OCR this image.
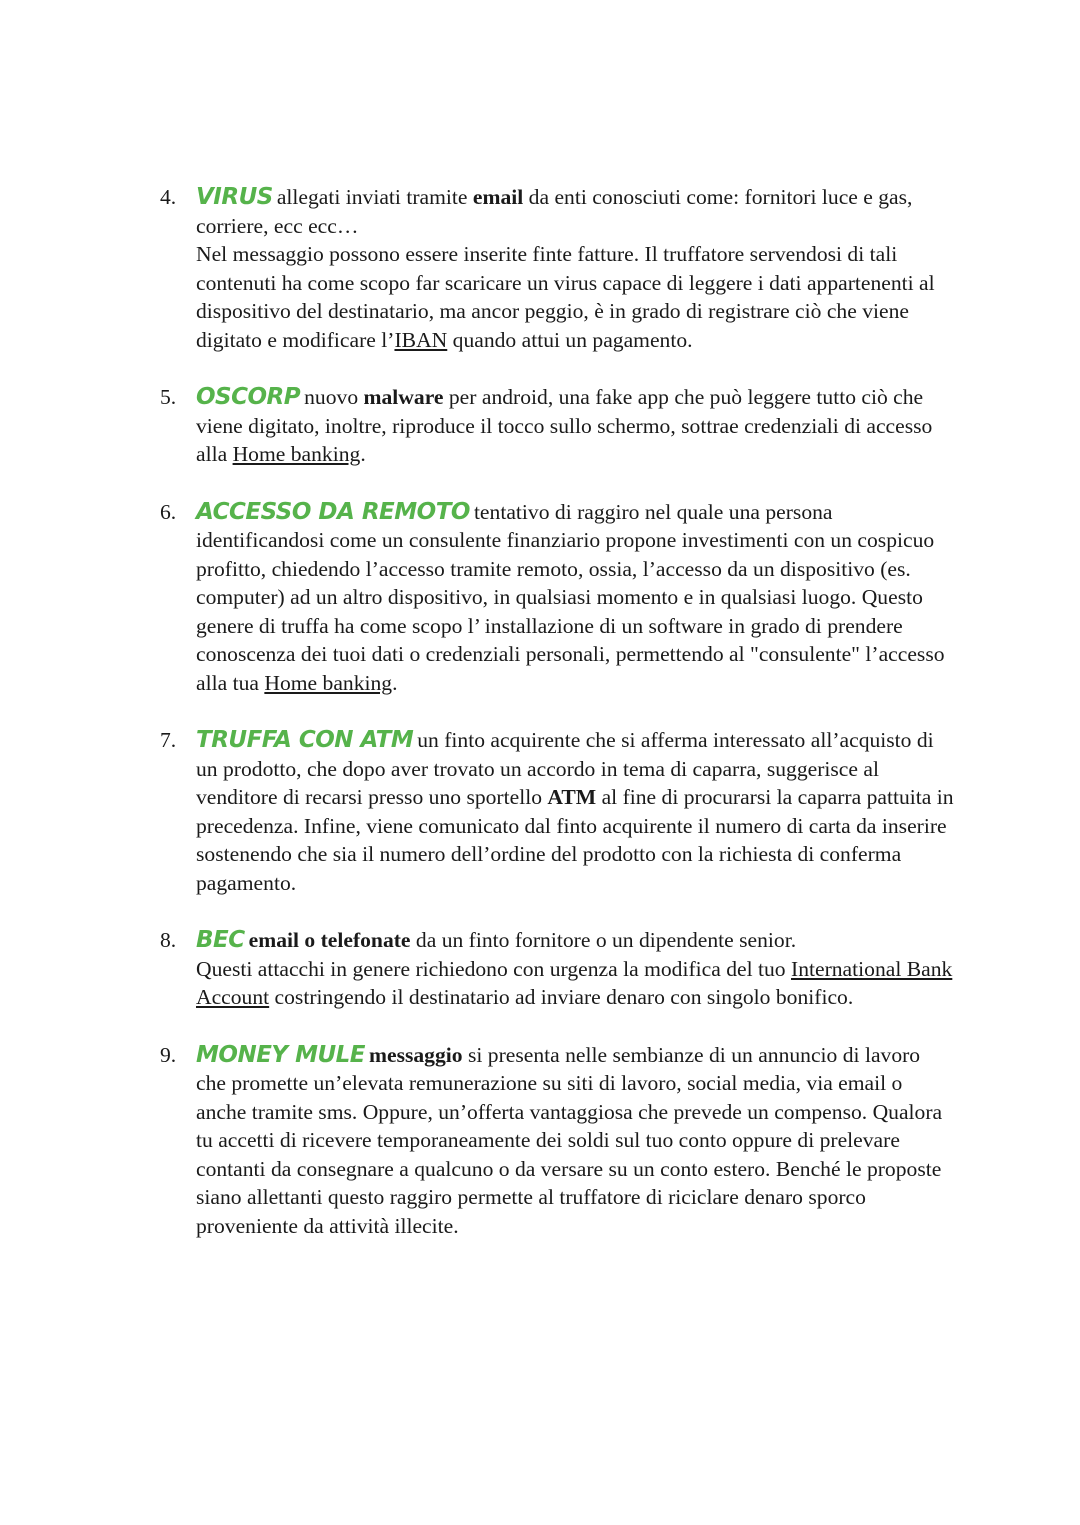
4. VIRUS allegati inviati tramite email da enti conosciuti come: fornitori luce e gas, corriere, ecc ecc…

Nel messaggio possono essere inserite finte fatture. Il truffatore servendosi di tali contenuti ha come scopo far scaricare un virus capace di leggere i dati appartenenti al dispositivo del destinatario, ma ancor peggio, è in grado di registrare ciò che viene digitato e modificare l’IBAN quando attui un pagamento.

5. OSCORP nuovo malware per android, una fake app che può leggere tutto ciò che viene digitato, inoltre, riproduce il tocco sullo schermo, sottrae credenziali di accesso alla Home banking.

6. ACCESSO DA REMOTO tentativo di raggiro nel quale una persona identificandosi come un consulente finanziario propone investimenti con un cospicuo profitto, chiedendo l’accesso tramite remoto, ossia, l’accesso da un dispositivo (es. computer) ad un altro dispositivo, in qualsiasi momento e in qualsiasi luogo. Questo genere di truffa ha come scopo l’ installazione di un software in grado di prendere conoscenza dei tuoi dati o credenziali personali, permettendo al "consulente" l’accesso alla tua Home banking.

7. TRUFFA CON ATM un finto acquirente che si afferma interessato all’acquisto di un prodotto, che dopo aver trovato un accordo in tema di caparra, suggerisce al venditore di recarsi presso uno sportello ATM al fine di procurarsi la caparra pattuita in precedenza. Infine, viene comunicato dal finto acquirente il numero di carta da inserire sostenendo che sia il numero dell’ordine del prodotto con la richiesta di conferma pagamento.

8. BEC email o telefonate da un finto fornitore o un dipendente senior.

Questi attacchi in genere richiedono con urgenza la modifica del tuo International Bank Account costringendo il destinatario ad inviare denaro con singolo bonifico.

9. MONEY MULE messaggio si presenta nelle sembianze di un annuncio di lavoro che promette un’elevata remunerazione su siti di lavoro, social media, via email o anche tramite sms. Oppure, un’offerta vantaggiosa che prevede un compenso. Qualora tu accetti di ricevere temporaneamente dei soldi sul tuo conto oppure di prelevare contanti da consegnare a qualcuno o da versare su un conto estero. Benché le proposte siano allettanti questo raggiro permette al truffatore di riciclare denaro sporco proveniente da attività illecite.
